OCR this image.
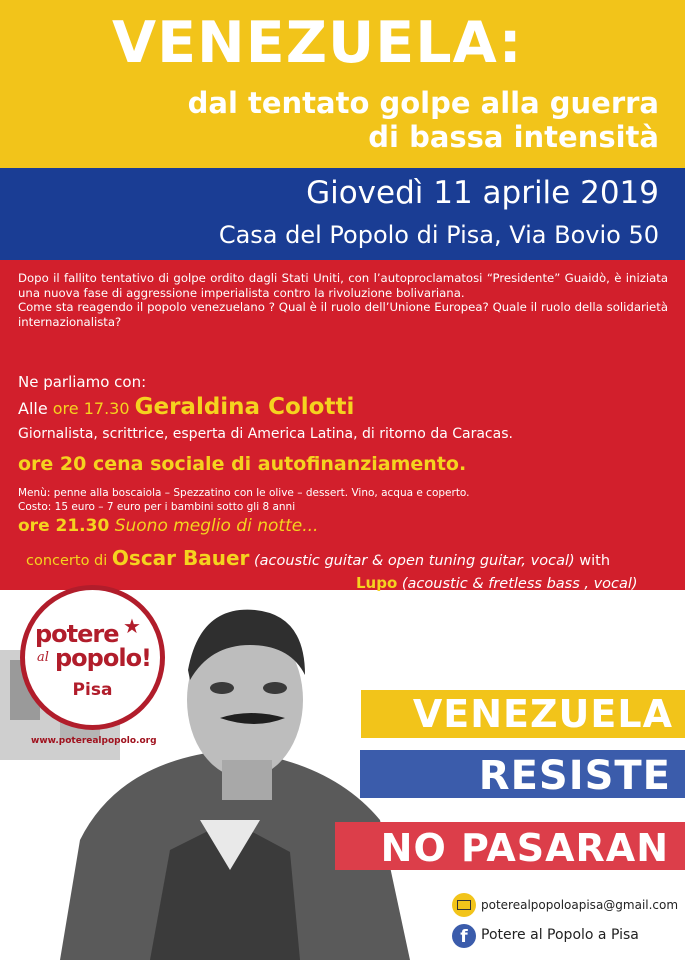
VENEZUELA:
dal tentato golpe alla guerra
di bassa intensità
Giovedì 11 aprile 2019
Casa del Popolo di Pisa, Via Bovio 50
Dopo il fallito tentativo di golpe ordito dagli Stati Uniti, con l’autoproclamatosi “Presidente” Guaidò, è iniziata una nuova fase di aggressione imperialista contro la rivoluzione bolivariana.
Come sta reagendo il popolo venezuelano ? Qual è il ruolo dell’Unione Europea? Quale il ruolo della solidarietà internazionalista?
Ne parliamo con:
Alle ore 17.30 Geraldina Colotti
Giornalista, scrittrice, esperta di America Latina, di ritorno da Caracas.
ore 20 cena sociale di autofinanziamento.
Menù: penne alla boscaiola – Spezzatino con le olive – dessert. Vino, acqua e coperto.
Costo: 15 euro – 7 euro per i bambini sotto gli 8 anni
ore 21.30 Suono meglio di notte...
concerto di Oscar Bauer (acoustic guitar & open tuning guitar, vocal) with
Lupo (acoustic & fretless bass , vocal)
Prenotazioni per la cena: 050500442 –
3347850026 - poterealpopoloapisa@gmail.com
Potere al Popolo! Pisa cell. 3347850026
potere ★
al popolo!
Pisa
www.poterealpopolo.org
VENEZUELA
RESISTE
NO PASARAN
poterealpopoloapisa@gmail.com
f Potere al Popolo a Pisa
